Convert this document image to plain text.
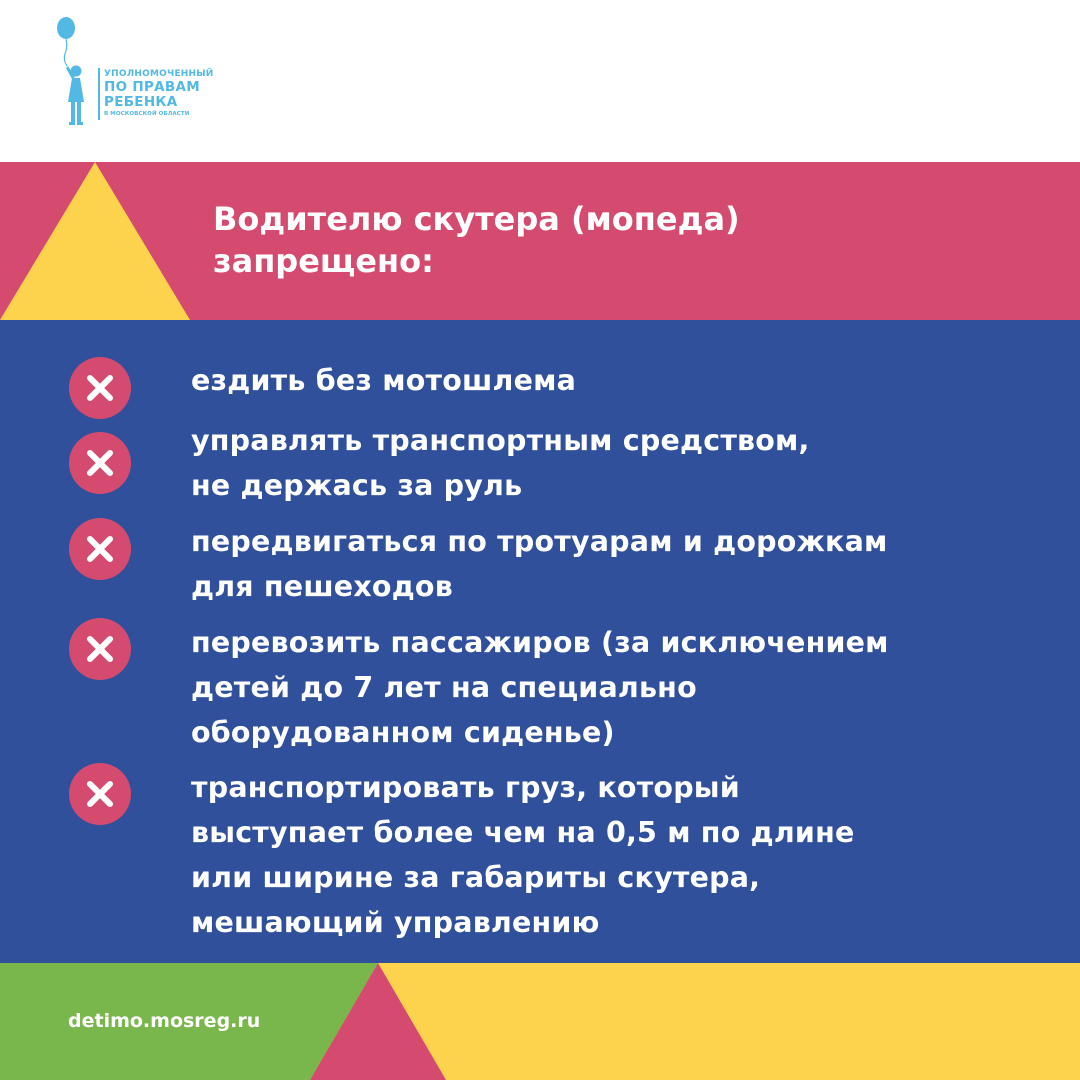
УПОЛНОМОЧЕННЫЙ
ПО ПРАВАМ
РЕБЕНКА
В МОСКОВСКОЙ ОБЛАСТИ
Водителю скутера (мопеда)
запрещено:

ездить без мотошлема

управлять транспортным средством,
не держась за руль

передвигаться по тротуарам и дорожкам
для пешеходов

перевозить пассажиров (за исключением
детей до 7 лет на специально
оборудованном сиденье)

транспортировать груз, который
выступает более чем на 0,5 м по длине
или ширине за габариты скутера,
мешающий управлению

detimo.mosreg.ru
